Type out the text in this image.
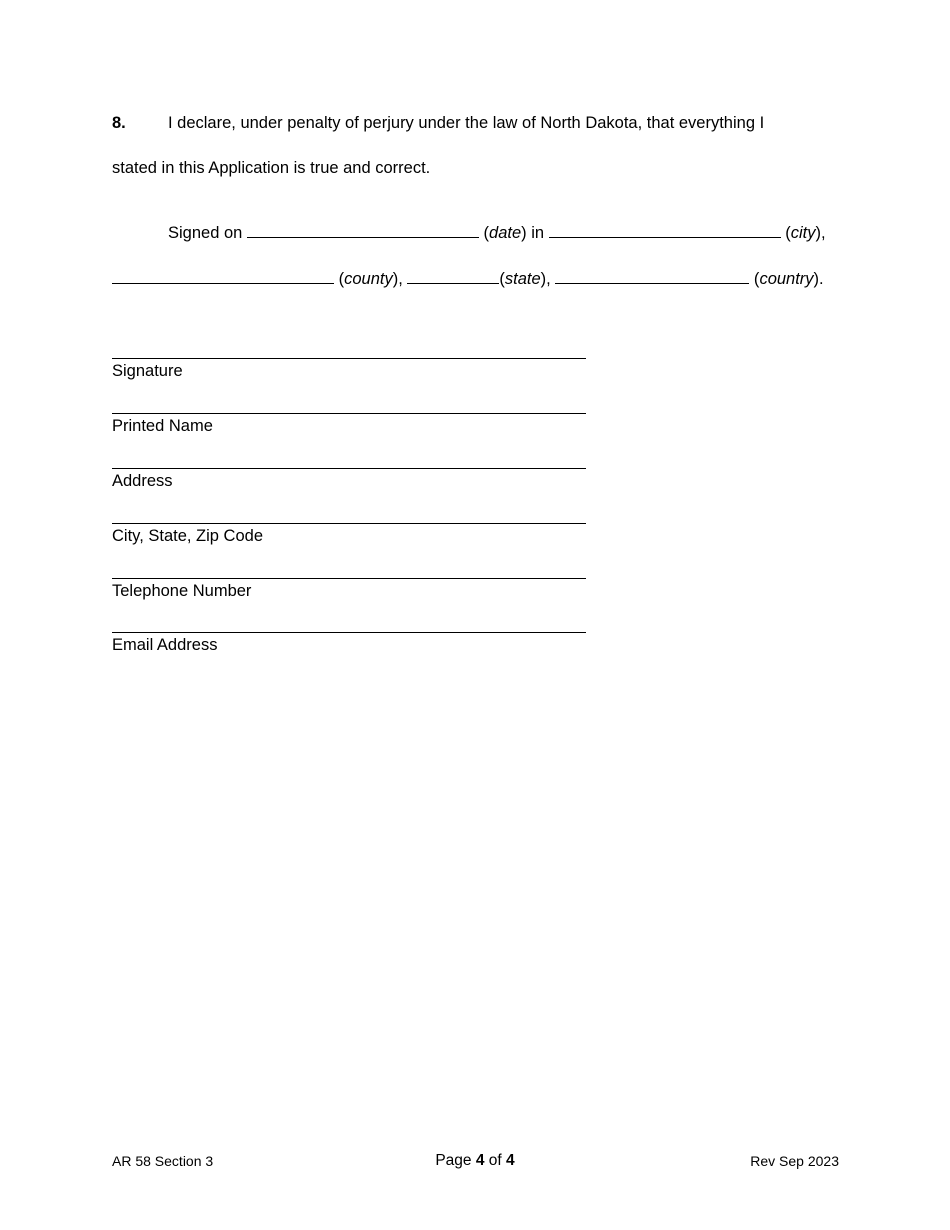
8.	I declare, under penalty of perjury under the law of North Dakota, that everything I
stated in this Application is true and correct.
Signed on	(date) in	(city),
(county),	(state),	(country).
Signature
Printed Name
Address
City, State, Zip Code
Telephone Number
Email Address
AR 58 Section 3	Page 4 of 4	Rev Sep 2023
